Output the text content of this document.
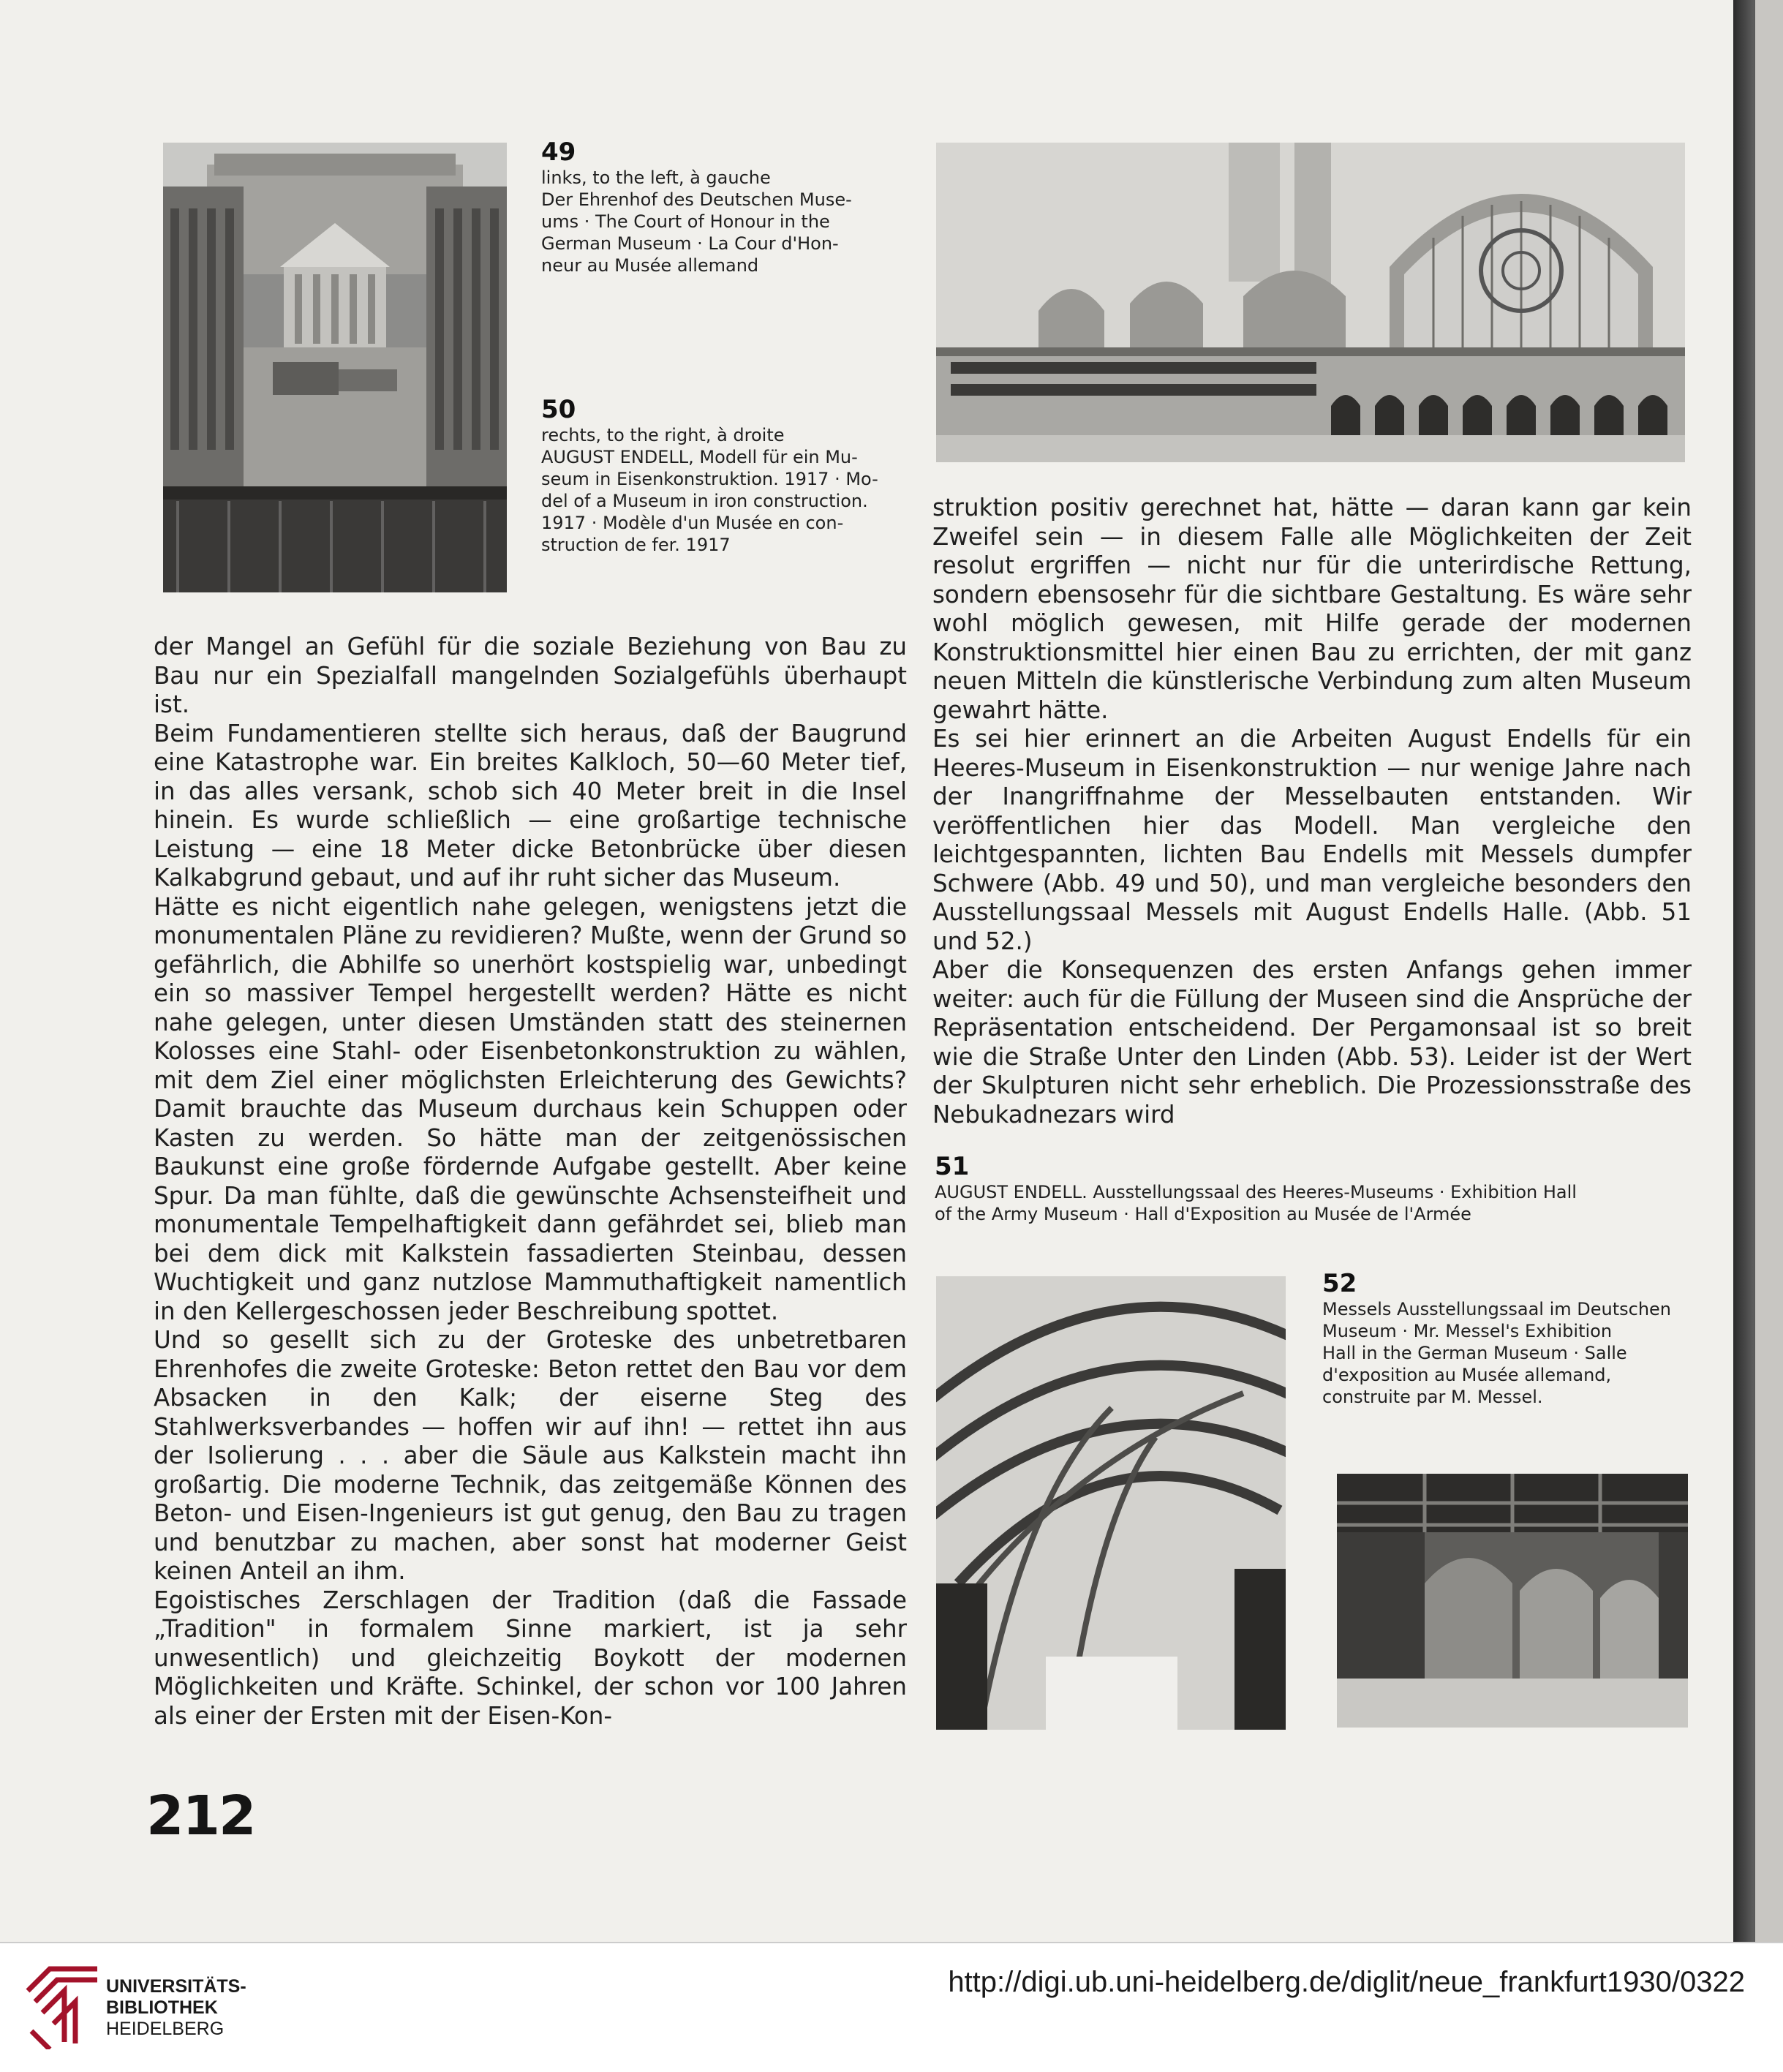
49
links, to the left, à gauche
Der Ehrenhof des Deutschen Muse-
ums · The Court of Honour in the
German Museum · La Cour d'Hon-
neur au Musée allemand
50
rechts, to the right, à droite
AUGUST ENDELL, Modell für ein Mu-
seum in Eisenkonstruktion. 1917 · Mo-
del of a Museum in iron construction.
1917 · Modèle d'un Musée en con-
struction de fer. 1917

der Mangel an Gefühl für die soziale Beziehung von Bau zu Bau nur ein Spezialfall mangelnden Sozialgefühls überhaupt ist.

Beim Fundamentieren stellte sich heraus, daß der Baugrund eine Katastrophe war. Ein breites Kalkloch, 50—60 Meter tief, in das alles versank, schob sich 40 Meter breit in die Insel hinein. Es wurde schließlich — eine großartige technische Leistung — eine 18 Meter dicke Betonbrücke über diesen Kalkabgrund gebaut, und auf ihr ruht sicher das Museum.

Hätte es nicht eigentlich nahe gelegen, wenigstens jetzt die monumentalen Pläne zu revidieren? Mußte, wenn der Grund so gefährlich, die Abhilfe so unerhört kostspielig war, unbedingt ein so massiver Tempel hergestellt werden? Hätte es nicht nahe gelegen, unter diesen Umständen statt des steinernen Kolosses eine Stahl- oder Eisenbetonkonstruktion zu wählen, mit dem Ziel einer möglichsten Erleichterung des Gewichts? Damit brauchte das Museum durchaus kein Schuppen oder Kasten zu werden. So hätte man der zeitgenössischen Baukunst eine große fördernde Aufgabe gestellt. Aber keine Spur. Da man fühlte, daß die gewünschte Achsensteifheit und monumentale Tempelhaftigkeit dann gefährdet sei, blieb man bei dem dick mit Kalkstein fassadierten Steinbau, dessen Wuchtigkeit und ganz nutzlose Mammuthaftigkeit namentlich in den Kellergeschossen jeder Beschreibung spottet.

Und so gesellt sich zu der Groteske des unbetretbaren Ehrenhofes die zweite Groteske: Beton rettet den Bau vor dem Absacken in den Kalk; der eiserne Steg des Stahlwerksverbandes — hoffen wir auf ihn! — rettet ihn aus der Isolierung . . . aber die Säule aus Kalkstein macht ihn großartig. Die moderne Technik, das zeitgemäße Können des Beton- und Eisen-Ingenieurs ist gut genug, den Bau zu tragen und benutzbar zu machen, aber sonst hat moderner Geist keinen Anteil an ihm.

Egoistisches Zerschlagen der Tradition (daß die Fassade „Tradition" in formalem Sinne markiert, ist ja sehr unwesentlich) und gleichzeitig Boykott der modernen Möglichkeiten und Kräfte. Schinkel, der schon vor 100 Jahren als einer der Ersten mit der Eisen-Kon-

struktion positiv gerechnet hat, hätte — daran kann gar kein Zweifel sein — in diesem Falle alle Möglichkeiten der Zeit resolut ergriffen — nicht nur für die unterirdische Rettung, sondern ebensosehr für die sichtbare Gestaltung. Es wäre sehr wohl möglich gewesen, mit Hilfe gerade der modernen Konstruktionsmittel hier einen Bau zu errichten, der mit ganz neuen Mitteln die künstlerische Verbindung zum alten Museum gewahrt hätte.

Es sei hier erinnert an die Arbeiten August Endells für ein Heeres-Museum in Eisenkonstruktion — nur wenige Jahre nach der Inangriffnahme der Messelbauten entstanden. Wir veröffentlichen hier das Modell. Man vergleiche den leichtgespannten, lichten Bau Endells mit Messels dumpfer Schwere (Abb. 49 und 50), und man vergleiche besonders den Ausstellungssaal Messels mit August Endells Halle. (Abb. 51 und 52.)

Aber die Konsequenzen des ersten Anfangs gehen immer weiter: auch für die Füllung der Museen sind die Ansprüche der Repräsentation entscheidend. Der Pergamonsaal ist so breit wie die Straße Unter den Linden (Abb. 53). Leider ist der Wert der Skulpturen nicht sehr erheblich. Die Prozessionsstraße des Nebukadnezars wird

51
AUGUST ENDELL. Ausstellungssaal des Heeres-Museums · Exhibition Hall
of the Army Museum · Hall d'Exposition au Musée de l'Armée
52
Messels Ausstellungssaal im Deutschen
Museum · Mr. Messel's Exhibition
Hall in the German Museum · Salle
d'exposition au Musée allemand,
construite par M. Messel.
212
UNIVERSITÄTS-
BIBLIOTHEK
HEIDELBERG
http://digi.ub.uni-heidelberg.de/diglit/neue_frankfurt1930/0322
